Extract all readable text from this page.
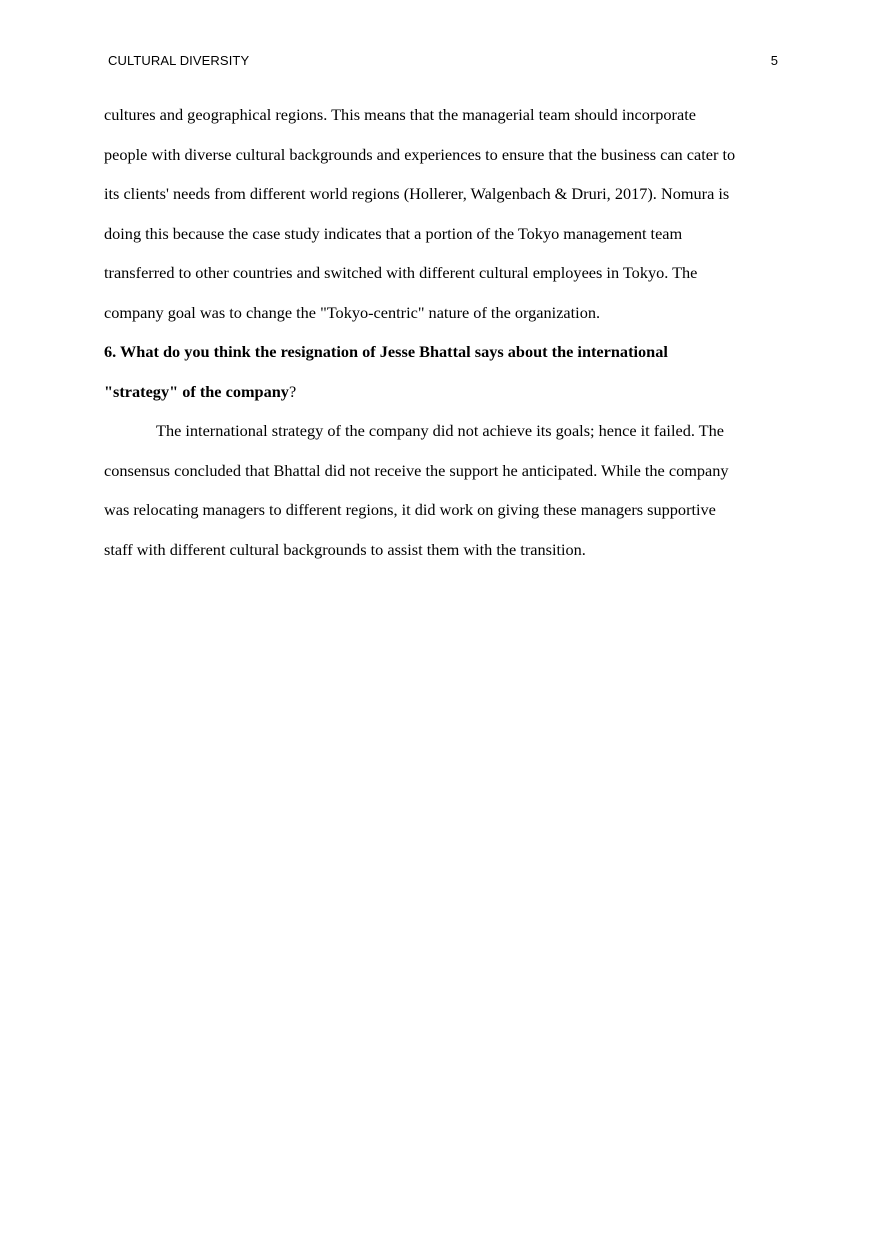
CULTURAL DIVERSITY	5
cultures and geographical regions. This means that the managerial team should incorporate
people with diverse cultural backgrounds and experiences to ensure that the business can cater to
its clients' needs from different world regions (Hollerer, Walgenbach & Druri, 2017). Nomura is
doing this because the case study indicates that a portion of the Tokyo management team
transferred to other countries and switched with different cultural employees in Tokyo. The
company goal was to change the "Tokyo-centric" nature of the organization.
6. What do you think the resignation of Jesse Bhattal says about the international
"strategy" of the company?
The international strategy of the company did not achieve its goals; hence it failed. The
consensus concluded that Bhattal did not receive the support he anticipated. While the company
was relocating managers to different regions, it did work on giving these managers supportive
staff with different cultural backgrounds to assist them with the transition.
